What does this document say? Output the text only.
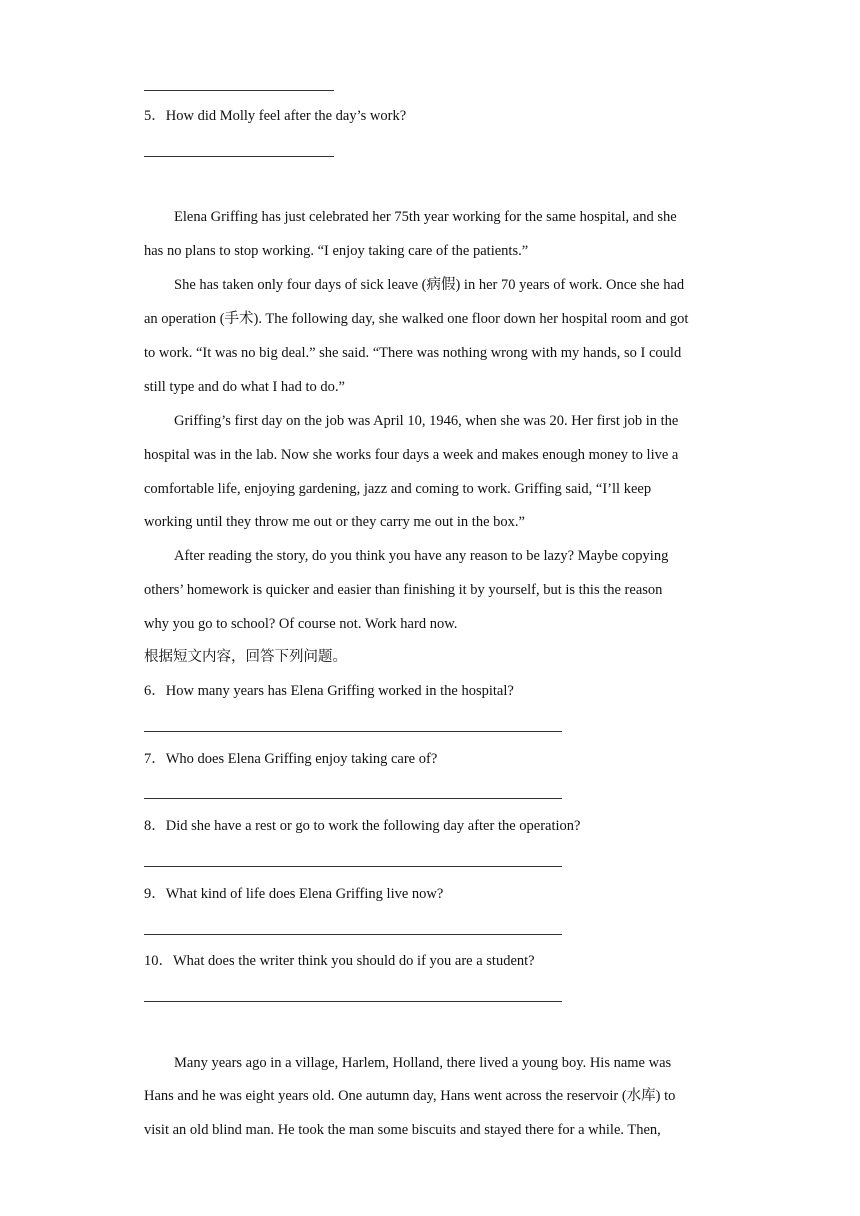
5．How did Molly feel after the day’s work?
Elena Griffing has just celebrated her 75th year working for the same hospital, and she
has no plans to stop working. “I enjoy taking care of the patients.”
She has taken only four days of sick leave (病假) in her 70 years of work. Once she had
an operation (手术). The following day, she walked one floor down her hospital room and got
to work. “It was no big deal.” she said. “There was nothing wrong with my hands, so I could
still type and do what I had to do.”
Griffing’s first day on the job was April 10, 1946, when she was 20. Her first job in the
hospital was in the lab. Now she works four days a week and makes enough money to live a
comfortable life, enjoying gardening, jazz and coming to work. Griffing said, “I’ll keep
working until they throw me out or they carry me out in the box.”
After reading the story, do you think you have any reason to be lazy? Maybe copying
others’ homework is quicker and easier than finishing it by yourself, but is this the reason
why you go to school? Of course not. Work hard now.
根据短文内容，回答下列问题。
6．How many years has Elena Griffing worked in the hospital?
7．Who does Elena Griffing enjoy taking care of?
8．Did she have a rest or go to work the following day after the operation?
9．What kind of life does Elena Griffing live now?
10．What does the writer think you should do if you are a student?
Many years ago in a village, Harlem, Holland, there lived a young boy. His name was
Hans and he was eight years old. One autumn day, Hans went across the reservoir (水库) to
visit an old blind man. He took the man some biscuits and stayed there for a while. Then,
